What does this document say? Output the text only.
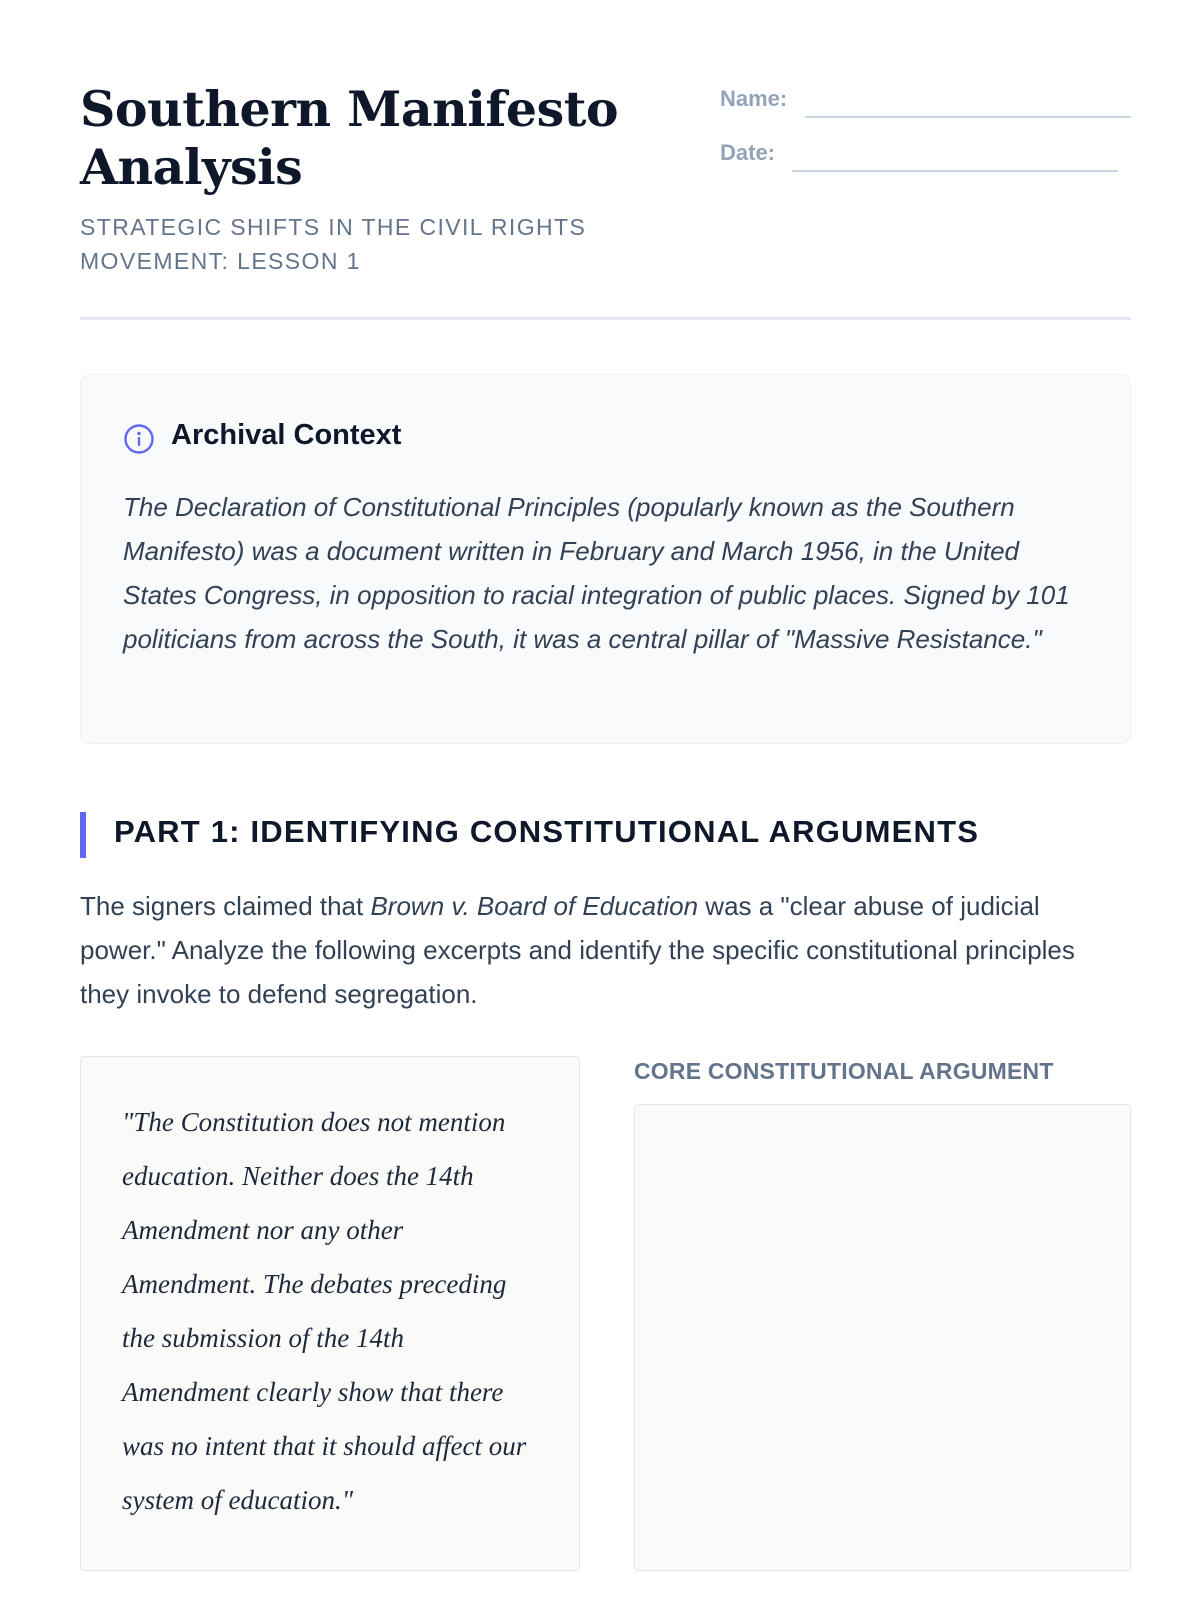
Southern Manifesto Analysis
STRATEGIC SHIFTS IN THE CIVIL RIGHTS MOVEMENT: LESSON 1
Name:
Date:
Archival Context
The Declaration of Constitutional Principles (popularly known as the Southern Manifesto) was a document written in February and March 1956, in the United States Congress, in opposition to racial integration of public places. Signed by 101 politicians from across the South, it was a central pillar of "Massive Resistance."
PART 1: IDENTIFYING CONSTITUTIONAL ARGUMENTS
The signers claimed that Brown v. Board of Education was a "clear abuse of judicial power." Analyze the following excerpts and identify the specific constitutional principles they invoke to defend segregation.
"The Constitution does not mention education. Neither does the 14th Amendment nor any other Amendment. The debates preceding the submission of the 14th Amendment clearly show that there was no intent that it should affect our system of education."
CORE CONSTITUTIONAL ARGUMENT
